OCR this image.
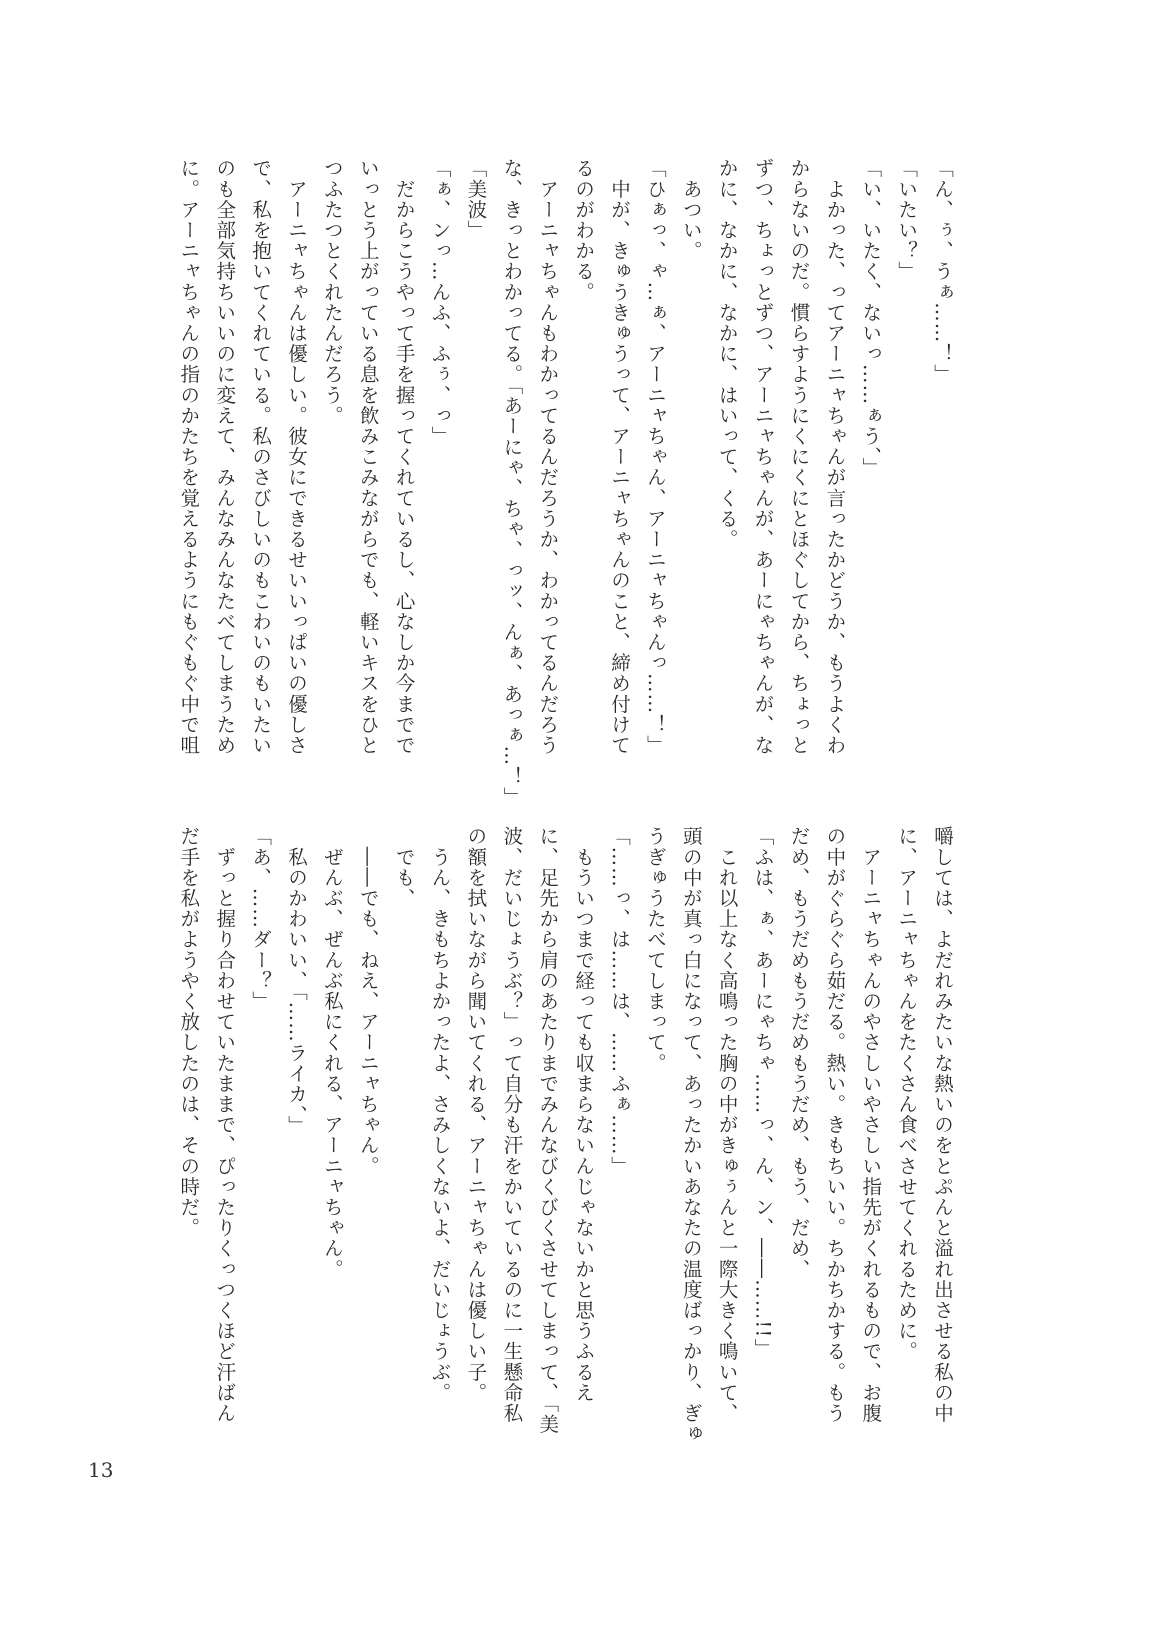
「ん、ぅ、うぁ……！」
「いたい？」
「い、いたく、ないっ……ぁう、」
　よかった、ってアーニャちゃんが言ったかどうか、もうよくわ
からないのだ。慣らすようにくにくにとほぐしてから、ちょっと
ずつ、ちょっとずつ、アーニャちゃんが、あーにゃちゃんが、な
かに、なかに、なかに、はいって、くる。
　あつい。
「ひぁっ、ゃ…ぁ、アーニャちゃん、アーニャちゃんっ……！」
　中が、きゅうきゅうって、アーニャちゃんのこと、締め付けて
るのがわかる。
　アーニャちゃんもわかってるんだろうか、わかってるんだろう
な、きっとわかってる。「あーにゃ、ちゃ、っッ、んぁ、あっぁ…！」
「美波」
「ぁ、ンっ…んふ、ふぅ、っ」
　だからこうやって手を握ってくれているし、心なしか今までで
いっとう上がっている息を飲みこみながらでも、軽いキスをひと
つふたつとくれたんだろう。
　アーニャちゃんは優しい。彼女にできるせいいっぱいの優しさ
で、私を抱いてくれている。私のさびしいのもこわいのもいたい
のも全部気持ちいいのに変えて、みんなみんなたべてしまうため
に。アーニャちゃんの指のかたちを覚えるようにもぐもぐ中で咀
嚼しては、よだれみたいな熱いのをとぷんと溢れ出させる私の中
に、アーニャちゃんをたくさん食べさせてくれるために。
　アーニャちゃんのやさしいやさしい指先がくれるもので、お腹
の中がぐらぐら茹だる。熱い。きもちいい。ちかちかする。もう
だめ、もうだめもうだめもうだめ、もう、だめ、
「ふは、ぁ、あーにゃちゃ……っ、ん、ン、――……!!」
　これ以上なく高鳴った胸の中がきゅぅんと一際大きく鳴いて、
頭の中が真っ白になって、あったかいあなたの温度ばっかり、ぎゅ
うぎゅうたべてしまって。
「……っ、は……は、……ふぁ……」
　もういつまで経っても収まらないんじゃないかと思うふるえ
に、足先から肩のあたりまでみんなびくびくさせてしまって、「美
波、だいじょうぶ？」って自分も汗をかいているのに一生懸命私
の額を拭いながら聞いてくれる、アーニャちゃんは優しい子。
　うん、きもちよかったよ、さみしくないよ、だいじょうぶ。
　でも、
　――でも、ねえ、アーニャちゃん。
　ぜんぶ、ぜんぶ私にくれる、アーニャちゃん。
　私のかわいい、「……ライカ、」
「あ、……ダー？」
　ずっと握り合わせていたままで、ぴったりくっつくほど汗ばん
だ手を私がようやく放したのは、その時だ。
13
